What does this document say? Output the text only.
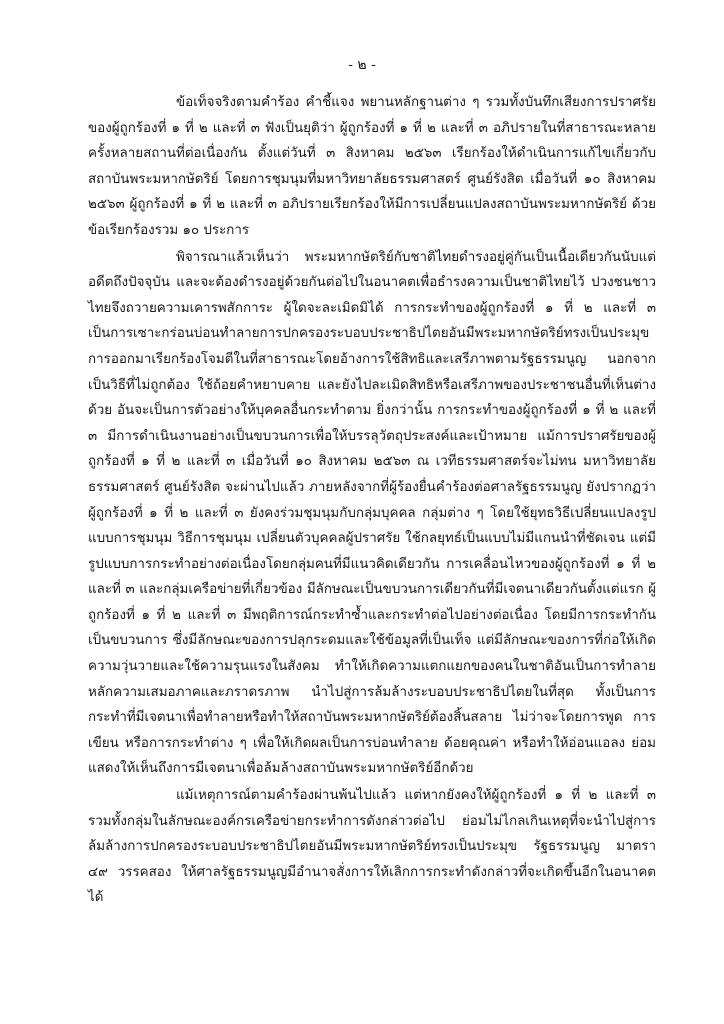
- ๒ -

ข้อเท็จจริงตามคำร้อง คำชี้แจง พยานหลักฐานต่าง ๆ รวมทั้งบันทึกเสียงการปราศรัยของผู้ถูกร้องที่ ๑ ที่ ๒ และที่ ๓ ฟังเป็นยุติว่า ผู้ถูกร้องที่ ๑ ที่ ๒ และที่ ๓ อภิปรายในที่สาธารณะหลายครั้งหลายสถานที่ต่อเนื่องกัน ตั้งแต่วันที่ ๓ สิงหาคม ๒๕๖๓ เรียกร้องให้ดำเนินการแก้ไขเกี่ยวกับสถาบันพระมหากษัตริย์ โดยการชุมนุมที่มหาวิทยาลัยธรรมศาสตร์ ศูนย์รังสิต เมื่อวันที่ ๑๐ สิงหาคม ๒๕๖๓ ผู้ถูกร้องที่ ๑ ที่ ๒ และที่ ๓ อภิปรายเรียกร้องให้มีการเปลี่ยนแปลงสถาบันพระมหากษัตริย์ ด้วยข้อเรียกร้องรวม ๑๐ ประการ

พิจารณาแล้วเห็นว่า พระมหากษัตริย์กับชาติไทยดำรงอยู่คู่กันเป็นเนื้อเดียวกันนับแต่อดีตถึงปัจจุบัน และจะต้องดำรงอยู่ด้วยกันต่อไปในอนาคตเพื่อธำรงความเป็นชาติไทยไว้ ปวงชนชาวไทยจึงถวายความเคารพสักการะ ผู้ใดจะละเมิดมิได้ การกระทำของผู้ถูกร้องที่ ๑ ที่ ๒ และที่ ๓ เป็นการเซาะกร่อนบ่อนทำลายการปกครองระบอบประชาธิปไตยอันมีพระมหากษัตริย์ทรงเป็นประมุข การออกมาเรียกร้องโจมตีในที่สาธารณะโดยอ้างการใช้สิทธิและเสรีภาพตามรัฐธรรมนูญ นอกจากเป็นวิธีที่ไม่ถูกต้อง ใช้ถ้อยคำหยาบคาย และยังไปละเมิดสิทธิหรือเสรีภาพของประชาชนอื่นที่เห็นต่างด้วย อันจะเป็นการตัวอย่างให้บุคคลอื่นกระทำตาม ยิ่งกว่านั้น การกระทำของผู้ถูกร้องที่ ๑ ที่ ๒ และที่ ๓ มีการดำเนินงานอย่างเป็นขบวนการเพื่อให้บรรลุวัตถุประสงค์และเป้าหมาย แม้การปราศรัยของผู้ถูกร้องที่ ๑ ที่ ๒ และที่ ๓ เมื่อวันที่ ๑๐ สิงหาคม ๒๕๖๓ ณ เวทีธรรมศาสตร์จะไม่ทน มหาวิทยาลัยธรรมศาสตร์ ศูนย์รังสิต จะผ่านไปแล้ว ภายหลังจากที่ผู้ร้องยื่นคำร้องต่อศาลรัฐธรรมนูญ ยังปรากฏว่า ผู้ถูกร้องที่ ๑ ที่ ๒ และที่ ๓ ยังคงร่วมชุมนุมกับกลุ่มบุคคล กลุ่มต่าง ๆ โดยใช้ยุทธวิธีเปลี่ยนแปลงรูปแบบการชุมนุม วิธีการชุมนุม เปลี่ยนตัวบุคคลผู้ปราศรัย ใช้กลยุทธ์เป็นแบบไม่มีแกนนำที่ชัดเจน แต่มีรูปแบบการกระทำอย่างต่อเนื่องโดยกลุ่มคนที่มีแนวคิดเดียวกัน การเคลื่อนไหวของผู้ถูกร้องที่ ๑ ที่ ๒ และที่ ๓ และกลุ่มเครือข่ายที่เกี่ยวข้อง มีลักษณะเป็นขบวนการเดียวกันที่มีเจตนาเดียวกันตั้งแต่แรก ผู้ถูกร้องที่ ๑ ที่ ๒ และที่ ๓ มีพฤติการณ์กระทำซ้ำและกระทำต่อไปอย่างต่อเนื่อง โดยมีการกระทำกันเป็นขบวนการ ซึ่งมีลักษณะของการปลุกระดมและใช้ข้อมูลที่เป็นเท็จ แต่มีลักษณะของการที่ก่อให้เกิดความวุ่นวายและใช้ความรุนแรงในสังคม ทำให้เกิดความแตกแยกของคนในชาติอันเป็นการทำลายหลักความเสมอภาคและภราดรภาพ นำไปสู่การล้มล้างระบอบประชาธิปไตยในที่สุด ทั้งเป็นการกระทำที่มีเจตนาเพื่อทำลายหรือทำให้สถาบันพระมหากษัตริย์ต้องสิ้นสลาย ไม่ว่าจะโดยการพูด การเขียน หรือการกระทำต่าง ๆ เพื่อให้เกิดผลเป็นการบ่อนทำลาย ด้อยคุณค่า หรือทำให้อ่อนแอลง ย่อมแสดงให้เห็นถึงการมีเจตนาเพื่อล้มล้างสถาบันพระมหากษัตริย์อีกด้วย

แม้เหตุการณ์ตามคำร้องผ่านพ้นไปแล้ว แต่หากยังคงให้ผู้ถูกร้องที่ ๑ ที่ ๒ และที่ ๓ รวมทั้งกลุ่มในลักษณะองค์กรเครือข่ายกระทำการดังกล่าวต่อไป ย่อมไม่ไกลเกินเหตุที่จะนำไปสู่การล้มล้างการปกครองระบอบประชาธิปไตยอันมีพระมหากษัตริย์ทรงเป็นประมุข รัฐธรรมนูญ มาตรา ๔๙ วรรคสอง ให้ศาลรัฐธรรมนูญมีอำนาจสั่งการให้เลิกการกระทำดังกล่าวที่จะเกิดขึ้นอีกในอนาคตได้
